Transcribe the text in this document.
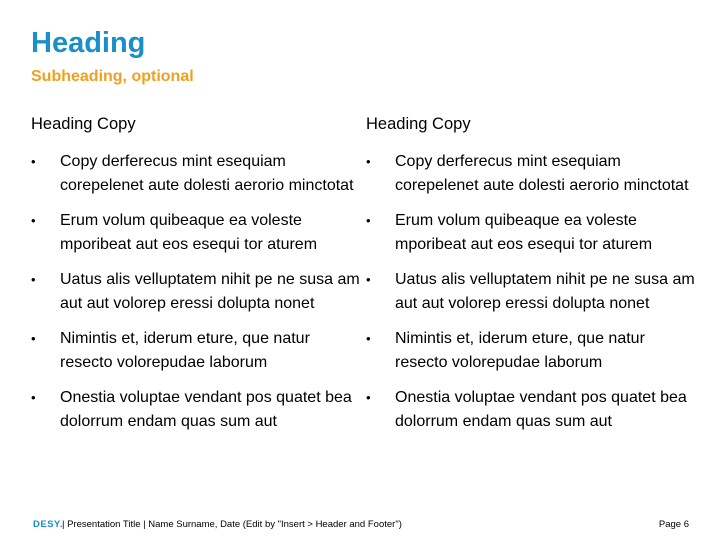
Heading
Subheading, optional

Heading Copy

•	Copy derferecus mint esequiam corepelenet aute dolesti aerorio minctotat
•	Erum volum quibeaque ea voleste mporibeat aut eos esequi tor aturem
•	Uatus alis velluptatem nihit pe ne susa am aut aut volorep eressi dolupta nonet
•	Nimintis et, iderum eture, que natur resecto volorepudae laborum
•	Onestia voluptae vendant pos quatet bea dolorrum endam quas sum aut

Heading Copy

•	Copy derferecus mint esequiam corepelenet aute dolesti aerorio minctotat
•	Erum volum quibeaque ea voleste mporibeat aut eos esequi tor aturem
•	Uatus alis velluptatem nihit pe ne susa am aut aut volorep eressi dolupta nonet
•	Nimintis et, iderum eture, que natur resecto volorepudae laborum
•	Onestia voluptae vendant pos quatet bea dolorrum endam quas sum aut
DESY. | Presentation Title | Name Surname, Date (Edit by "Insert > Header and Footer")	Page 6
